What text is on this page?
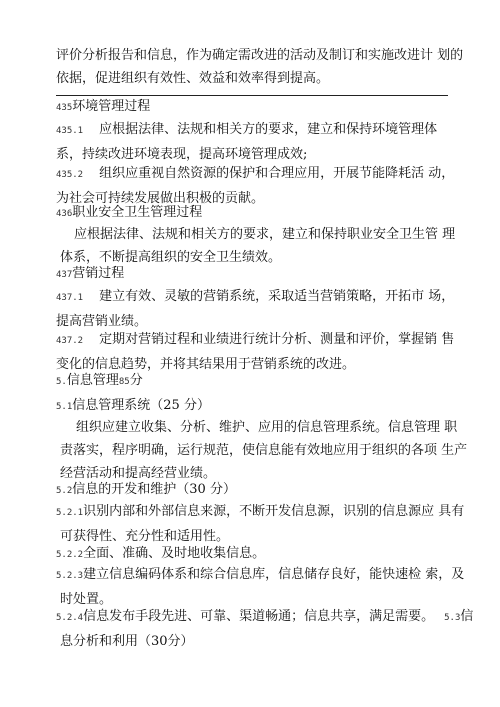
评价分析报告和信息，作为确定需改进的活动及制订和实施改进计 划的
依据，促进组织有效性、效益和效率得到提高。
435环境管理过程
435.1 应根据法律、法规和相关方的要求，建立和保持环境管理体
系，持续改进环境表现，提高环境管理成效;
435.2 组织应重视自然资源的保护和合理应用，开展节能降耗活 动，
为社会可持续发展做出积极的贡献。
436职业安全卫生管理过程
应根据法律、法规和相关方的要求，建立和保持职业安全卫生管 理
体系，不断提高组织的安全卫生绩效。
437营销过程
437.1 建立有效、灵敏的营销系统，采取适当营销策略，开拓市 场，
提高营销业绩。
437.2 定期对营销过程和业绩进行统计分析、测量和评价，掌握销 售
变化的信息趋势，并将其结果用于营销系统的改进。
5.信息管理85分
5.1信息管理系统（25 分）
组织应建立收集、分析、维护、应用的信息管理系统。信息管理 职
责落实，程序明确，运行规范，使信息能有效地应用于组织的各项 生产
经营活动和提高经营业绩。
5.2信息的开发和维护（30 分）
5.2.1识别内部和外部信息来源，不断开发信息源，识别的信息源应 具有
可获得性、充分性和适用性。
5.2.2全面、准确、及时地收集信息。
5.2.3建立信息编码体系和综合信息库，信息储存良好，能快速检 索，及
时处置。
5.2.4信息发布手段先进、可靠、渠道畅通；信息共享，满足需要。 5.3信
息分析和利用（30分）
